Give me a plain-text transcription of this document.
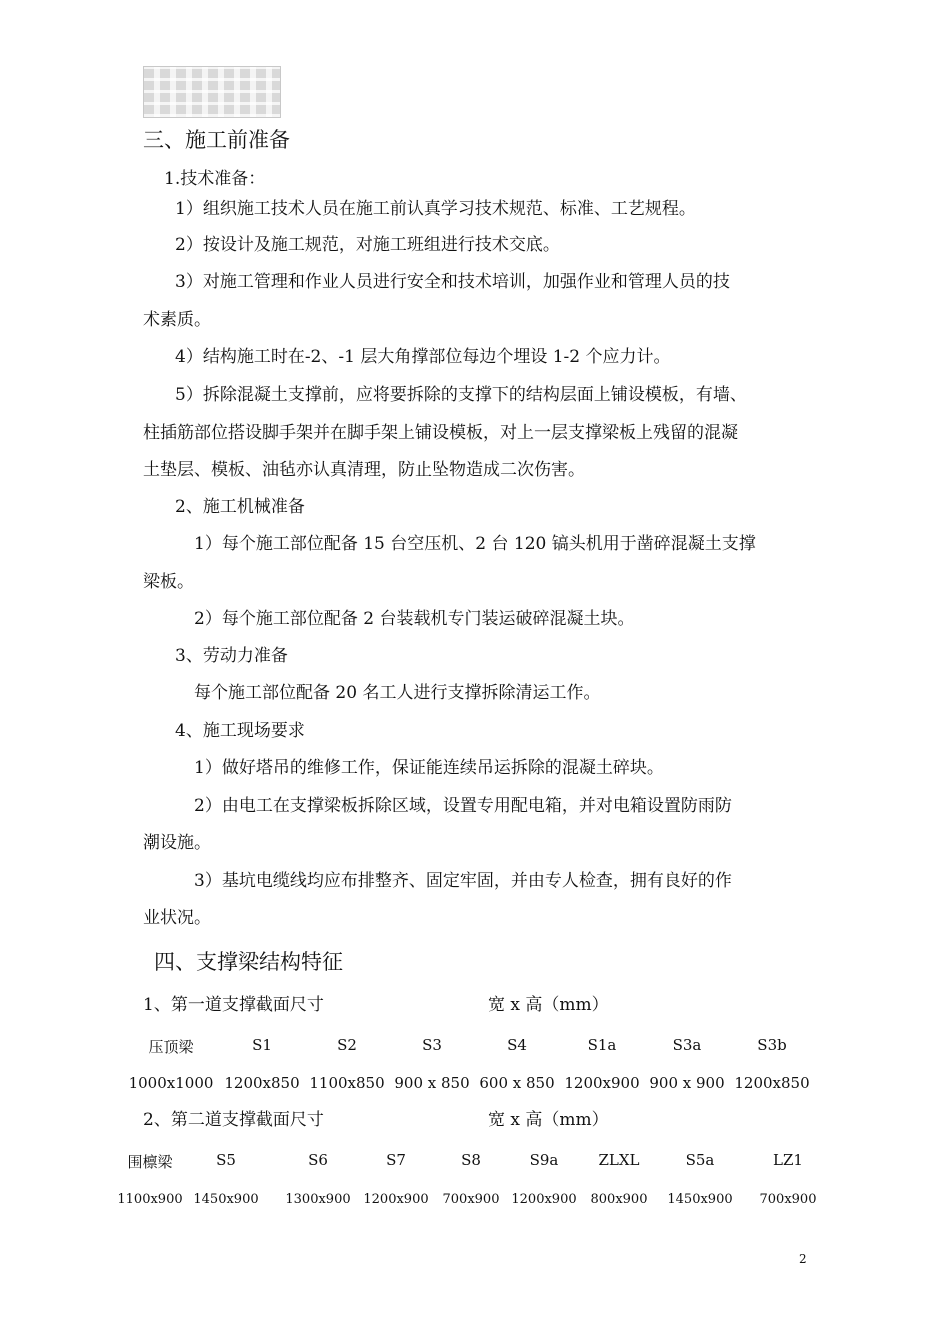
三、施工前准备
1.技术准备：
1）组织施工技术人员在施工前认真学习技术规范、标准、工艺规程。
2）按设计及施工规范，对施工班组进行技术交底。
3）对施工管理和作业人员进行安全和技术培训，加强作业和管理人员的技
术素质。
4）结构施工时在-2、-1 层大角撑部位每边个埋设 1-2 个应力计。
5）拆除混凝土支撑前，应将要拆除的支撑下的结构层面上铺设模板，有墙、
柱插筋部位搭设脚手架并在脚手架上铺设模板，对上一层支撑梁板上残留的混凝
土垫层、模板、油毡亦认真清理，防止坠物造成二次伤害。
2、施工机械准备
1）每个施工部位配备 15 台空压机、2 台 120 镐头机用于凿碎混凝土支撑
梁板。
2）每个施工部位配备 2 台装载机专门装运破碎混凝土块。
3、劳动力准备
每个施工部位配备 20 名工人进行支撑拆除清运工作。
4、施工现场要求
1）做好塔吊的维修工作，保证能连续吊运拆除的混凝土碎块。
2）由电工在支撑梁板拆除区域，设置专用配电箱，并对电箱设置防雨防
潮设施。
3）基坑电缆线均应布排整齐、固定牢固，并由专人检查，拥有良好的作
业状况。
四、支撑梁结构特征
1、第一道支撑截面尺寸	宽 x 高（mm）
压顶梁	S1	S2	S3	S4	S1a	S3a	S3b
1000x1000 1200x850 1100x850 900 x 850 600 x 850 1200x900 900 x 900 1200x850
2、第二道支撑截面尺寸	宽 x 高（mm）
围檩梁	S5	S6	S7	S8	S9a	ZLXL	S5a	LZ1
1100x900 1450x900 1300x900 1200x900 700x900 1200x900 800x900 1450x900 700x900
2
